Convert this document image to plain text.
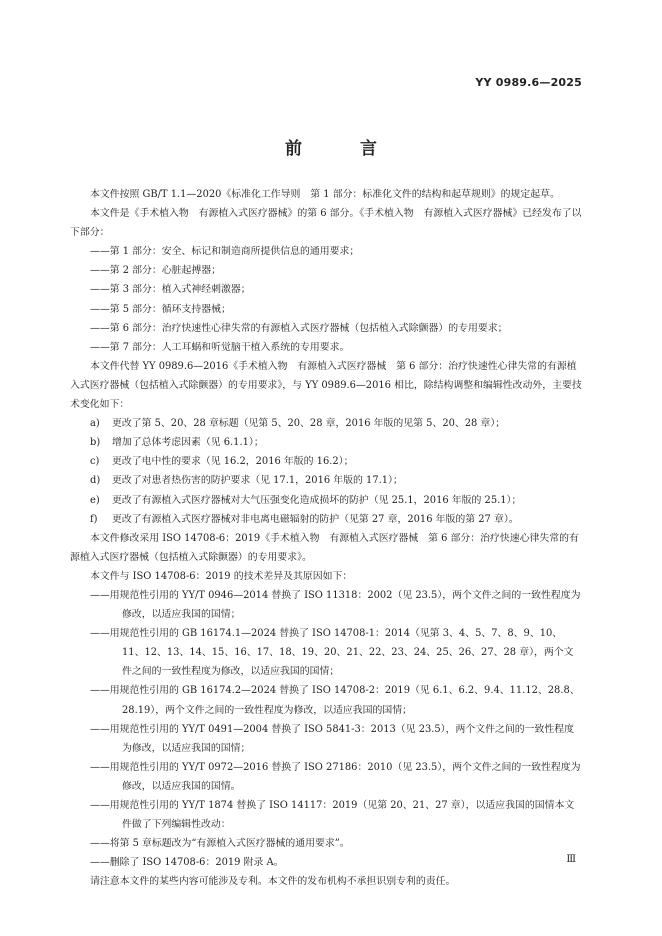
YY 0989.6—2025
前 言

本文件按照 GB/T 1.1—2020《标准化工作导则　第 1 部分：标准化文件的结构和起草规则》的规定起草。

本文件是《手术植入物　有源植入式医疗器械》的第 6 部分。《手术植入物　有源植入式医疗器械》已经发布了以下部分：

——第 1 部分：安全、标记和制造商所提供信息的通用要求；

——第 2 部分：心脏起搏器；

——第 3 部分：植入式神经刺激器；

——第 5 部分：循环支持器械；

——第 6 部分：治疗快速性心律失常的有源植入式医疗器械（包括植入式除颤器）的专用要求；

——第 7 部分：人工耳蜗和听觉脑干植入系统的专用要求。

本文件代替 YY 0989.6—2016《手术植入物　有源植入式医疗器械　第 6 部分：治疗快速性心律失常的有源植入式医疗器械（包括植入式除颤器）的专用要求》，与 YY 0989.6—2016 相比，除结构调整和编辑性改动外，主要技术变化如下：

a) 更改了第 5、20、28 章标题（见第 5、20、28 章，2016 年版的见第 5、20、28 章）；

b) 增加了总体考虑因素（见 6.1.1）；

c) 更改了电中性的要求（见 16.2，2016 年版的 16.2）；

d) 更改了对患者热伤害的防护要求（见 17.1，2016 年版的 17.1）；

e) 更改了有源植入式医疗器械对大气压强变化造成损坏的防护（见 25.1，2016 年版的 25.1）；

f) 更改了有源植入式医疗器械对非电离电磁辐射的防护（见第 27 章，2016 年版的第 27 章）。

本文件修改采用 ISO 14708-6：2019《手术植入物　有源植入式医疗器械　第 6 部分：治疗快速心律失常的有源植入式医疗器械（包括植入式除颤器）的专用要求》。

本文件与 ISO 14708-6：2019 的技术差异及其原因如下：

——用规范性引用的 YY/T 0946—2014 替换了 ISO 11318：2002（见 23.5），两个文件之间的一致性程度为修改，以适应我国的国情；

——用规范性引用的 GB 16174.1—2024 替换了 ISO 14708-1：2014（见第 3、4、5、7、8、9、10、11、12、13、14、15、16、17、18、19、20、21、22、23、24、25、26、27、28 章），两个文件之间的一致性程度为修改，以适应我国的国情；

——用规范性引用的 GB 16174.2—2024 替换了 ISO 14708-2：2019（见 6.1、6.2、9.4、11.12、28.8、28.19），两个文件之间的一致性程度为修改，以适应我国的国情；

——用规范性引用的 YY/T 0491—2004 替换了 ISO 5841-3：2013（见 23.5），两个文件之间的一致性程度为修改，以适应我国的国情；

——用规范性引用的 YY/T 0972—2016 替换了 ISO 27186：2010（见 23.5），两个文件之间的一致性程度为修改，以适应我国的国情。

——用规范性引用的 YY/T 1874 替换了 ISO 14117：2019（见第 20、21、27 章），以适应我国的国情本文件做了下列编辑性改动：

——将第 5 章标题改为“有源植入式医疗器械的通用要求”。

——删除了 ISO 14708-6：2019 附录 A。

请注意本文件的某些内容可能涉及专利。本文件的发布机构不承担识别专利的责任。

Ⅲ
